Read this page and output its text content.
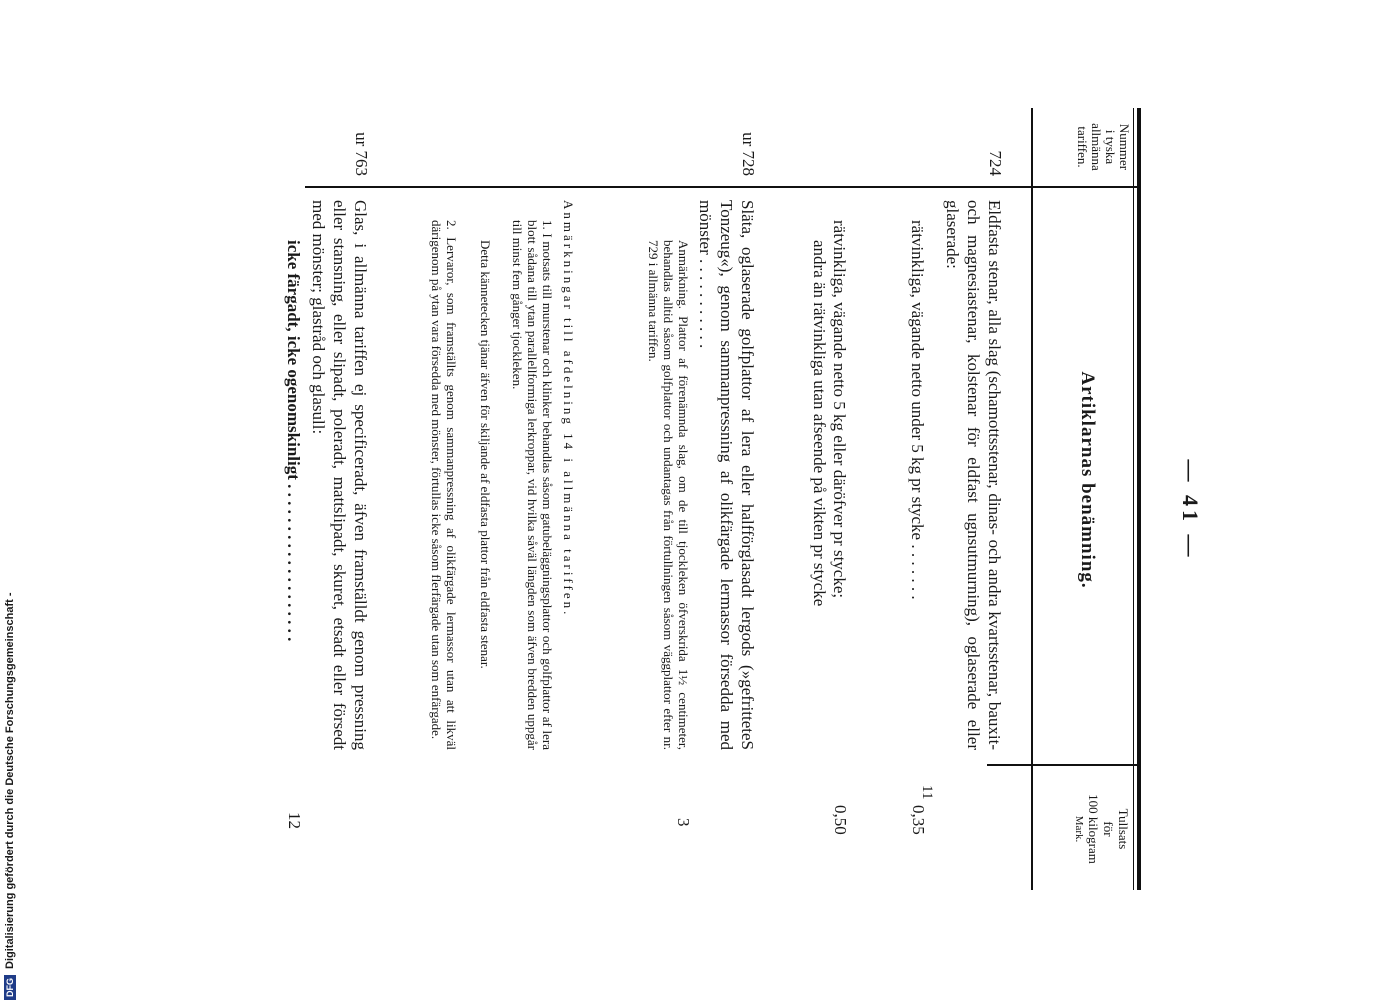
— 41 —
Nummer
i tyska
allmänna
tariffen.
Artiklarnas benämning.
Tullsats
för
100 kilogram
Mark.
724
Eldfasta stenar, alla slag (schamottsstenar, dinas- och andra kvartsstenar, bauxit- och magnesiastenar, kolstenar för eldfast ugnsutmurning), oglaserade eller glaserade:
rätvinkliga, vägande netto under 5 kg pr stycke . . . . . . .
0,35
rätvinkliga, vägande netto 5 kg eller däröfver pr stycke;
andra än rätvinkliga utan afseende på vikten pr stycke
0,50
11
ur 728
Släta, oglaserade golfplattor af lera eller halfförglasadt lergods (»gefritteteS Tonzeug«), genom sammanpressning af olikfärgade lermassor försedda med mönster . . . . . . . . . . .
3
Anmärkning. Plattor af förenämnda slag, om de till tjockleken öfverskrida 1½ centimeter, behandlas alltid såsom golfplattor och undantagas från förtullningen såsom väggplattor efter nr. 729 i allmänna tariffen.
Anmärkningar till afdelning 14 i allmänna tariffen.
1. I motsats till murstenar och klinker behandlas såsom gatubeläggningsplattor och golfplattor af lera blott sådana till ytan parallellformiga lerkroppar, vid hvilka såväl längden som äfven bredden uppgår till minst fem gånger tjockleken.
Detta kännetecken tjänar äfven för skiljande af eldfasta plattor från eldfasta stenar.
2. Lervaror, som framställts genom sammanpressning af olikfärgade lermassor utan att likväl därigenom på ytan vara försedda med mönster, förtullas icke såsom flerfärgade utan som enfärgade.
ur 763
Glas, i allmänna tariffen ej specificeradt, äfven framställdt genom pressning eller stansning, eller slipadt, poleradt, mattslipadt, skuret, etsadt eller försedt med mönster; glastråd och glasull:
icke färgadt, icke ogenomskinligt . . . . . . . . . . . . . . . . . . .
12
DFG
Digitalisierung gefördert durch die Deutsche Forschungsgemeinschaft -
